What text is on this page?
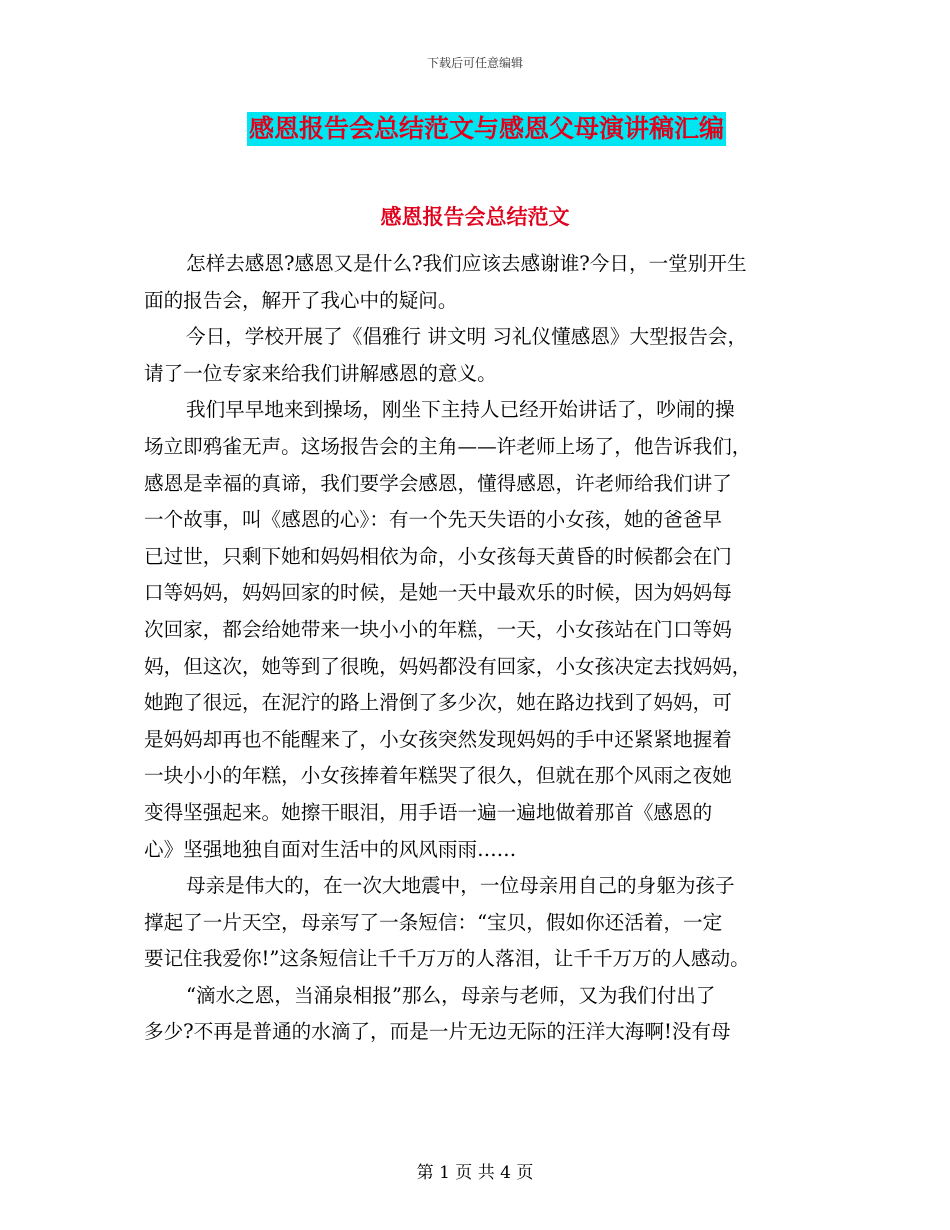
下载后可任意编辑
感恩报告会总结范文与感恩父母演讲稿汇编
感恩报告会总结范文
怎样去感恩?感恩又是什么?我们应该去感谢谁?今日，一堂别开生
面的报告会，解开了我心中的疑问。
今日，学校开展了《倡雅行 讲文明 习礼仪懂感恩》大型报告会，
请了一位专家来给我们讲解感恩的意义。
我们早早地来到操场，刚坐下主持人已经开始讲话了，吵闹的操
场立即鸦雀无声。这场报告会的主角——许老师上场了，他告诉我们，
感恩是幸福的真谛，我们要学会感恩，懂得感恩，许老师给我们讲了
一个故事，叫《感恩的心》：有一个先天失语的小女孩，她的爸爸早
已过世，只剩下她和妈妈相依为命，小女孩每天黄昏的时候都会在门
口等妈妈，妈妈回家的时候，是她一天中最欢乐的时候，因为妈妈每
次回家，都会给她带来一块小小的年糕，一天，小女孩站在门口等妈
妈，但这次，她等到了很晚，妈妈都没有回家，小女孩决定去找妈妈，
她跑了很远，在泥泞的路上滑倒了多少次，她在路边找到了妈妈，可
是妈妈却再也不能醒来了，小女孩突然发现妈妈的手中还紧紧地握着
一块小小的年糕，小女孩捧着年糕哭了很久，但就在那个风雨之夜她
变得坚强起来。她擦干眼泪，用手语一遍一遍地做着那首《感恩的
心》坚强地独自面对生活中的风风雨雨……
母亲是伟大的，在一次大地震中，一位母亲用自己的身躯为孩子
撑起了一片天空，母亲写了一条短信：“宝贝，假如你还活着，一定
要记住我爱你!”这条短信让千千万万的人落泪，让千千万万的人感动。
“滴水之恩，当涌泉相报”那么，母亲与老师，又为我们付出了
多少?不再是普通的水滴了，而是一片无边无际的汪洋大海啊!没有母
第 1 页 共 4 页
